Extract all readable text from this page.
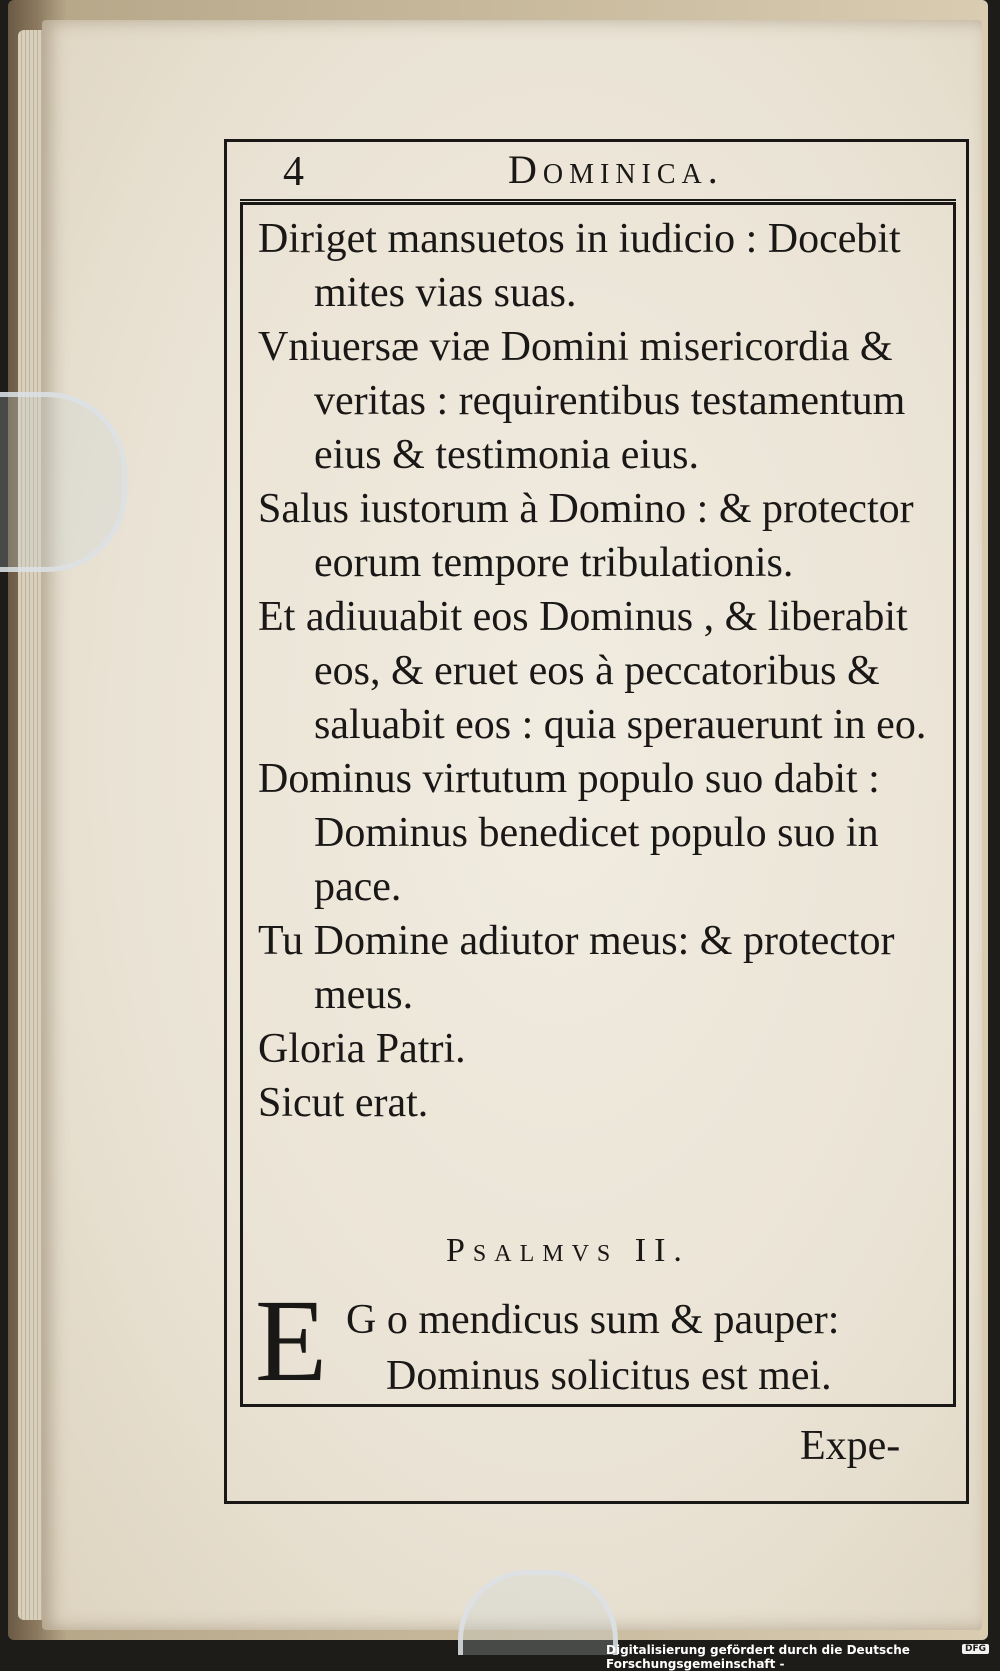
4	Dominica.

Diriget mansuetos in iudicio : Docebit mites vias suas.

Vniuersæ viæ Domini misericordia & veritas : requirentibus testamentum eius & testimonia eius.

Salus iustorum à Domino : & protector eorum tempore tribulationis.

Et adiuuabit eos Dominus , & liberabit eos, & eruet eos à peccatoribus & saluabit eos : quia sperauerunt in eo.

Dominus virtutum populo suo dabit : Dominus benedicet populo suo in pace.

Tu Domine adiutor meus: & protector meus.

Gloria Patri.

Sicut erat.

Psalmvs II.
E G o mendicus sum & pauper:
Dominus solicitus est mei.
Expe-
Digitalisierung gefördert durch die Deutsche Forschungsgemeinschaft -
DFG
